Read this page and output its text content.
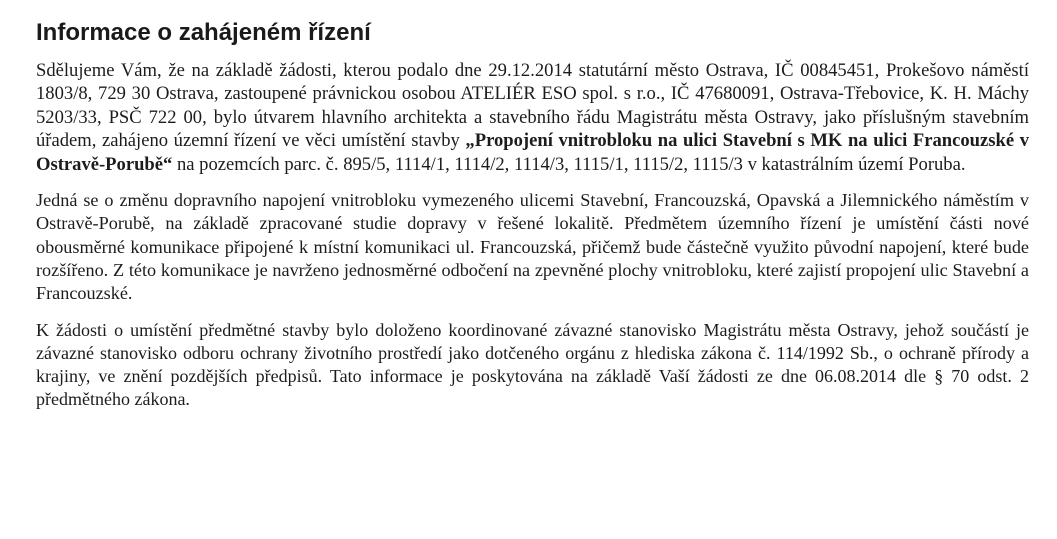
Informace o zahájeném řízení

Sdělujeme Vám, že na základě žádosti, kterou podalo dne 29.12.2014 statutární město Ostrava, IČ 00845451, Prokešovo náměstí 1803/8, 729 30 Ostrava, zastoupené právnickou osobou ATELIÉR ESO spol. s r.o., IČ 47680091, Ostrava-Třebovice, K. H. Máchy 5203/33, PSČ 722 00, bylo útvarem hlavního architekta a stavebního řádu Magistrátu města Ostravy, jako příslušným stavebním úřadem, zahájeno územní řízení ve věci umístění stavby „Propojení vnitrobloku na ulici Stavební s MK na ulici Francouzské v Ostravě-Porubě“ na pozemcích parc. č. 895/5, 1114/1, 1114/2, 1114/3, 1115/1, 1115/2, 1115/3 v katastrálním území Poruba.

Jedná se o změnu dopravního napojení vnitrobloku vymezeného ulicemi Stavební, Francouzská, Opavská a Jilemnického náměstím v Ostravě-Porubě, na základě zpracované studie dopravy v řešené lokalitě. Předmětem územního řízení je umístění části nové obousměrné komunikace připojené k místní komunikaci ul. Francouzská, přičemž bude částečně využito původní napojení, které bude rozšířeno. Z této komunikace je navrženo jednosměrné odbočení na zpevněné plochy vnitrobloku, které zajistí propojení ulic Stavební a Francouzské.

K žádosti o umístění předmětné stavby bylo doloženo koordinované závazné stanovisko Magistrátu města Ostravy, jehož součástí je závazné stanovisko odboru ochrany životního prostředí jako dotčeného orgánu z hlediska zákona č. 114/1992 Sb., o ochraně přírody a krajiny, ve znění pozdějších předpisů. Tato informace je poskytována na základě Vaší žádosti ze dne 06.08.2014 dle § 70 odst. 2 předmětného zákona.
